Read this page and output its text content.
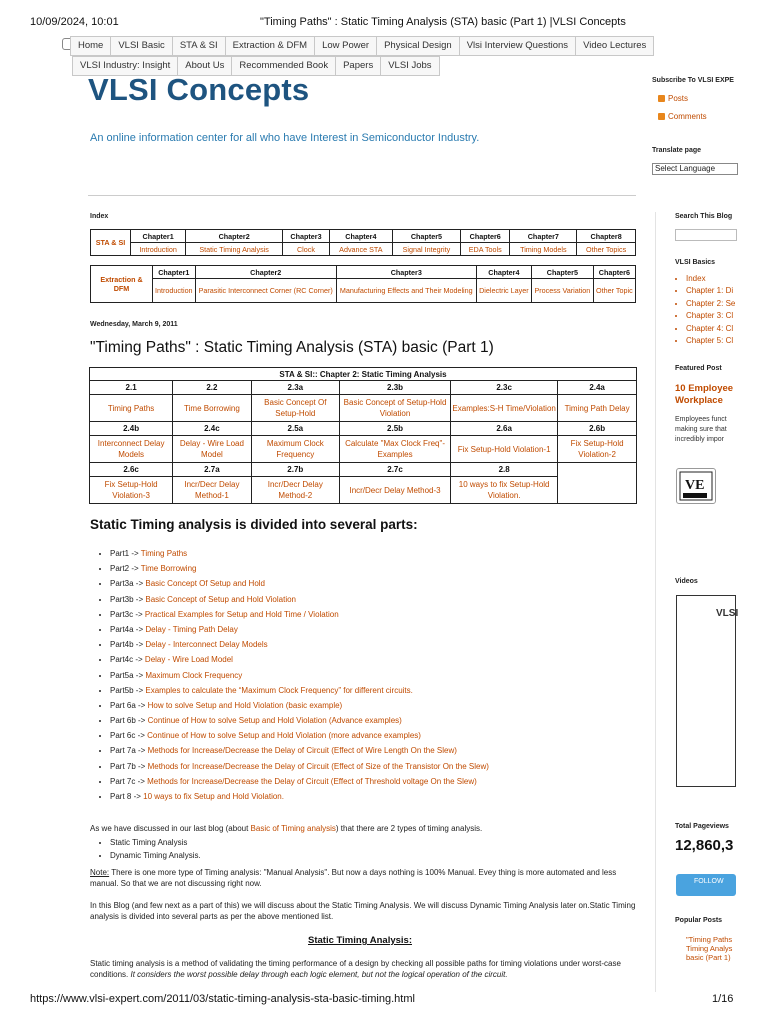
10/09/2024, 10:01	"Timing Paths" : Static Timing Analysis (STA) basic (Part 1) |VLSI Concepts
https://www.vlsi-expert.com/2011/03/static-timing-analysis-sta-basic-timing.html	1/16
Home	VLSI Basic	STA & SI	Extraction & DFM	Low Power	Physical Design	Vlsi Interview Questions	Video Lectures
VLSI Industry: Insight	About Us	Recommended Book	Papers	VLSI Jobs
VLSI Concepts
An online information center for all who have Interest in Semiconductor Industry.
Subscribe To VLSI EXPE
Posts
Comments
Translate page
Select Language
Search This Blog
VLSI Basics
• Index
• Chapter 1: Di
• Chapter 2: Se
• Chapter 3: Cl
• Chapter 4: Cl
• Chapter 5: Cl
Featured Post
10 Employee
Workplace
Employees funct
making sure that
incredibly impor
VE
Videos
VLSI
Total Pageviews
12,860,3
FOLLOW
Popular Posts
"Timing Paths
Timing Analys
basic (Part 1)
Index
STA & SI	Chapter1	Chapter2	Chapter3	Chapter4	Chapter5	Chapter6	Chapter7	Chapter8
	Introduction	Static Timing Analysis	Clock	Advance STA	Signal Integrity	EDA Tools	Timing Models	Other Topics
Extraction & DFM	Chapter1	Chapter2	Chapter3	Chapter4	Chapter5	Chapter6
	Introduction	Parasitic Interconnect Corner (RC Corner)	Manufacturing Effects and Their Modeling	Dielectric Layer	Process Variation	Other Topic
Wednesday, March 9, 2011
"Timing Paths" : Static Timing Analysis (STA) basic (Part 1)
STA & SI:: Chapter 2: Static Timing Analysis					
2.1	2.2	2.3a	2.3b	2.3c	2.4a
Timing Paths	Time Borrowing	Basic Concept Of Setup-Hold	Basic Concept of Setup-Hold Violation	Examples:S-H Time/Violation	Timing Path Delay
2.4b	2.4c	2.5a	2.5b	2.6a	2.6b
Interconnect Delay Models	Delay - Wire Load Model	Maximum Clock Frequency	Calculate "Max Clock Freq"- Examples	Fix Setup-Hold Violation-1	Fix Setup-Hold Violation-2
2.6c	2.7a	2.7b	2.7c	2.8	
Fix Setup-Hold Violation-3	Incr/Decr Delay Method-1	Incr/Decr Delay Method-2	Incr/Decr Delay Method-3	10 ways to fix Setup-Hold Violation.	
Static Timing analysis is divided into several parts:
• Part1 -> Timing Paths
• Part2 -> Time Borrowing
• Part3a -> Basic Concept Of Setup and Hold
• Part3b -> Basic Concept of Setup and Hold Violation
• Part3c -> Practical Examples for Setup and Hold Time / Violation
• Part4a -> Delay - Timing Path Delay
• Part4b -> Delay - Interconnect Delay Models
• Part4c -> Delay - Wire Load Model
• Part5a -> Maximum Clock Frequency
• Part5b -> Examples to calculate the “Maximum Clock Frequency” for different circuits.
• Part 6a -> How to solve Setup and Hold Violation (basic example)
• Part 6b -> Continue of How to solve Setup and Hold Violation (Advance examples)
• Part 6c -> Continue of How to solve Setup and Hold Violation (more advance examples)
• Part 7a -> Methods for Increase/Decrease the Delay of Circuit (Effect of Wire Length On the Slew)
• Part 7b -> Methods for Increase/Decrease the Delay of Circuit (Effect of Size of the Transistor On the Slew)
• Part 7c -> Methods for Increase/Decrease the Delay of Circuit (Effect of Threshold voltage On the Slew)
• Part 8 -> 10 ways to fix Setup and Hold Violation.
As we have discussed in our last blog (about Basic of Timing analysis) that there are 2 types of timing analysis.
• Static Timing Analysis
• Dynamic Timing Analysis.
Note: There is one more type of Timing analysis: "Manual Analysis". But now a days nothing is 100% Manual. Evey thing is more automated and less manual. So that we are not discussing right now.
In this Blog (and few next as a part of this) we will discuss about the Static Timing Analysis. We will discuss Dynamic Timing Analysis later on.Static Timing analysis is divided into several parts as per the above mentioned list.
Static Timing Analysis:
Static timing analysis is a method of validating the timing performance of a design by checking all possible paths for timing violations under worst-case conditions. It considers the worst possible delay through each logic element, but not the logical operation of the circuit.
